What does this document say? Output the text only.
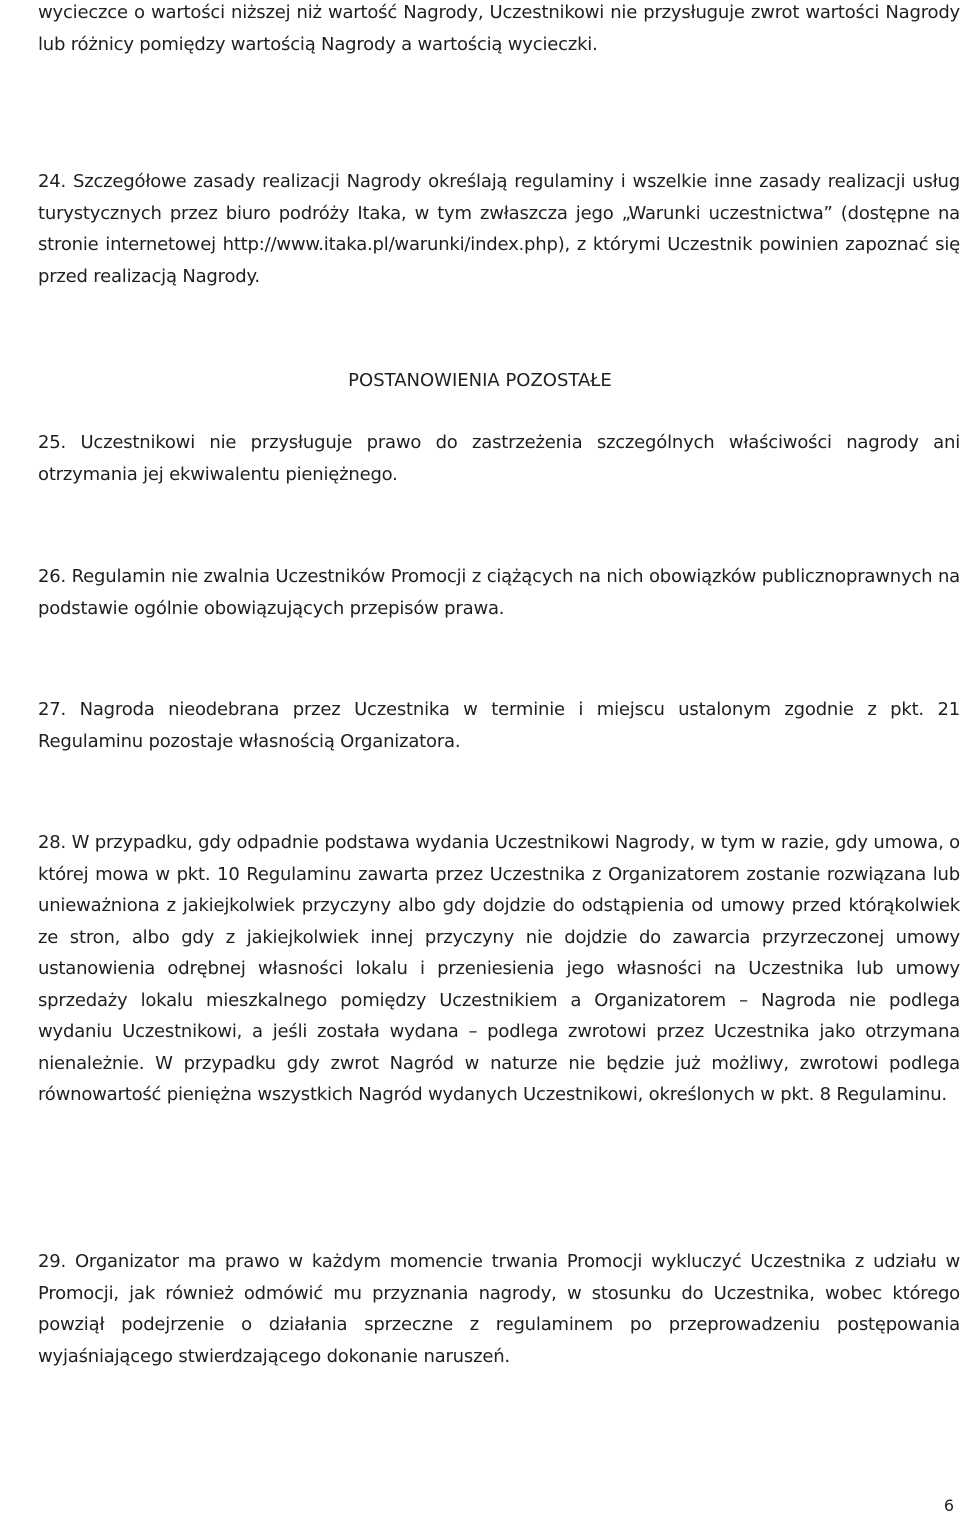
wycieczce o wartości niższej niż wartość Nagrody, Uczestnikowi nie przysługuje zwrot wartości Nagrody lub różnicy pomiędzy wartością Nagrody a wartością wycieczki.

24. Szczegółowe zasady realizacji Nagrody określają regulaminy i wszelkie inne zasady realizacji usług turystycznych przez biuro podróży Itaka, w tym zwłaszcza jego „Warunki uczestnictwa” (dostępne na stronie internetowej http://www.itaka.pl/warunki/index.php), z którymi Uczestnik powinien zapoznać się przed realizacją Nagrody.

POSTANOWIENIA POZOSTAŁE

25. Uczestnikowi nie przysługuje prawo do zastrzeżenia szczególnych właściwości nagrody ani otrzymania jej ekwiwalentu pieniężnego.

26. Regulamin nie zwalnia Uczestników Promocji z ciążących na nich obowiązków publicznoprawnych na podstawie ogólnie obowiązujących przepisów prawa.

27. Nagroda nieodebrana przez Uczestnika w terminie i miejscu ustalonym zgodnie z pkt. 21 Regulaminu pozostaje własnością Organizatora.

28. W przypadku, gdy odpadnie podstawa wydania Uczestnikowi Nagrody, w tym w razie, gdy umowa, o której mowa w pkt. 10 Regulaminu zawarta przez Uczestnika z Organizatorem zostanie rozwiązana lub unieważniona z jakiejkolwiek przyczyny albo gdy dojdzie do odstąpienia od umowy przed którąkolwiek ze stron, albo gdy z jakiejkolwiek innej przyczyny nie dojdzie do zawarcia przyrzeczonej umowy ustanowienia odrębnej własności lokalu i przeniesienia jego własności na Uczestnika lub umowy sprzedaży lokalu mieszkalnego pomiędzy Uczestnikiem a Organizatorem – Nagroda nie podlega wydaniu Uczestnikowi, a jeśli została wydana – podlega zwrotowi przez Uczestnika jako otrzymana nienależnie. W przypadku gdy zwrot Nagród w naturze nie będzie już możliwy, zwrotowi podlega równowartość pieniężna wszystkich Nagród wydanych Uczestnikowi, określonych w pkt. 8 Regulaminu.

29. Organizator ma prawo w każdym momencie trwania Promocji wykluczyć Uczestnika z udziału w Promocji, jak również odmówić mu przyznania nagrody, w stosunku do Uczestnika, wobec którego powziął podejrzenie o działania sprzeczne z regulaminem po przeprowadzeniu postępowania wyjaśniającego stwierdzającego dokonanie naruszeń.

6
